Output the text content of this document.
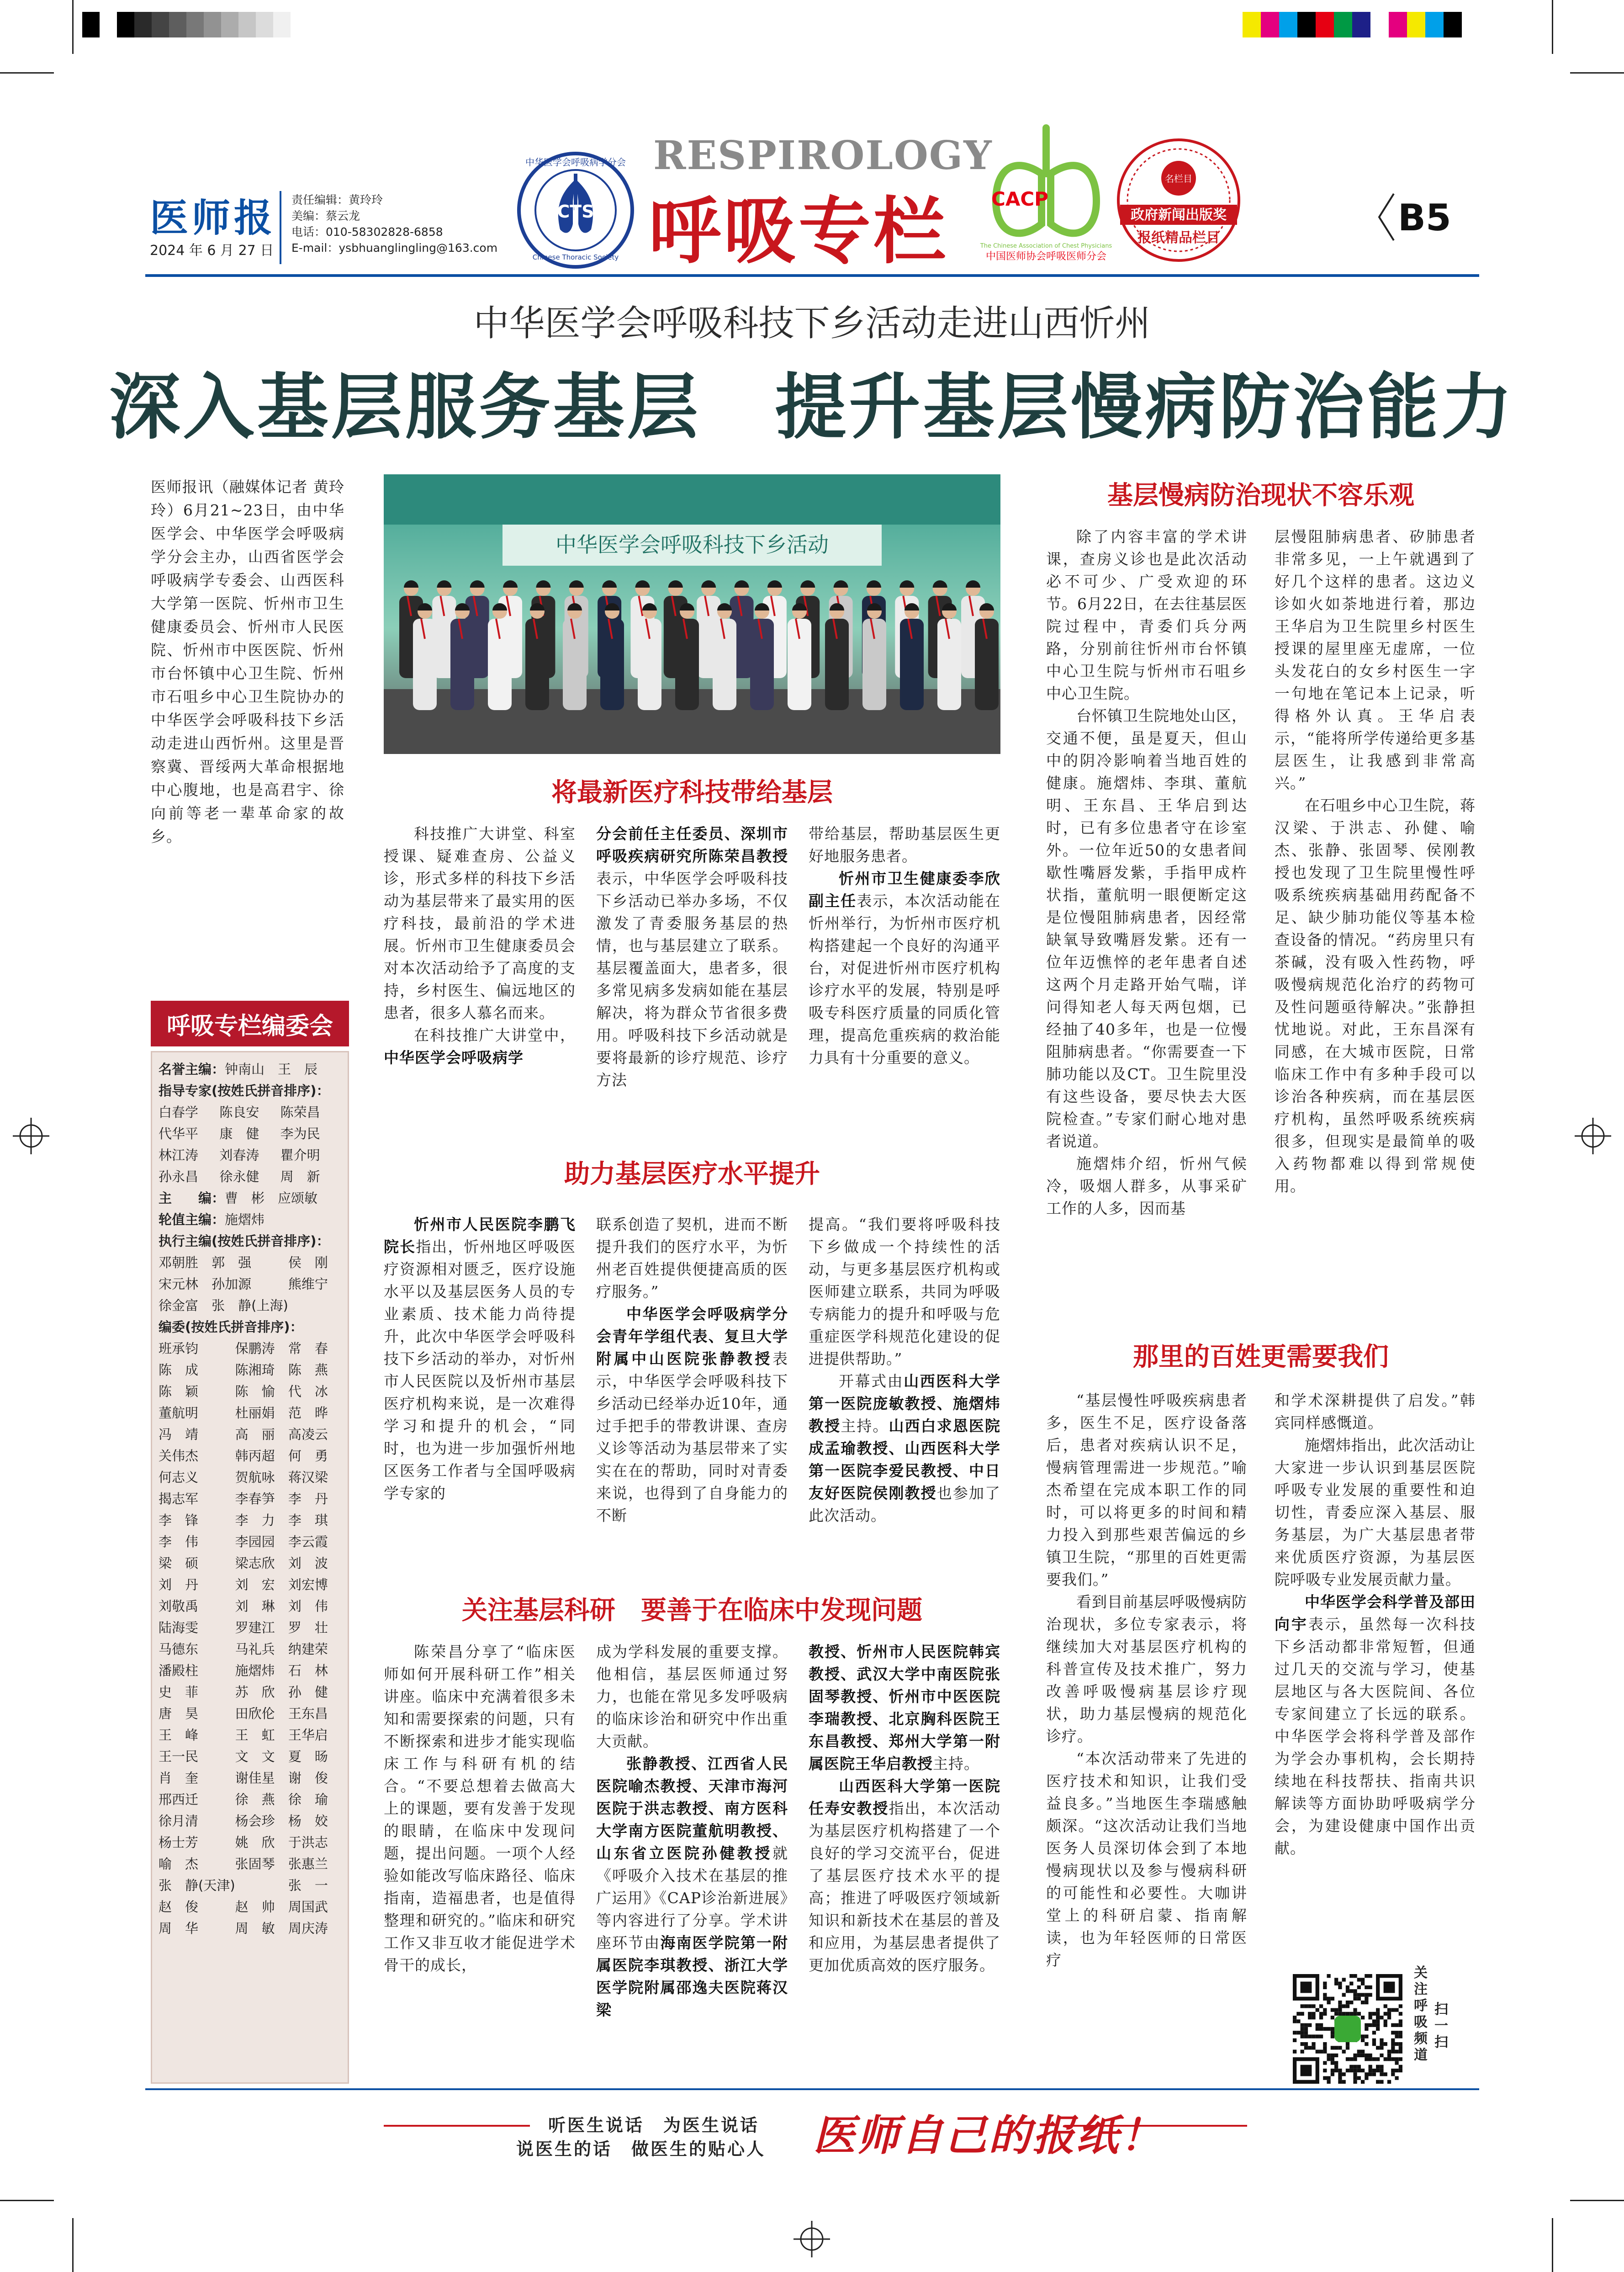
医师报
2024 年 6 月 27 日
责任编辑：黄玲玲
美编：蔡云龙
电话：010-58302828-6858
E-mail：ysbhuanglingling@163.com
CTS
Chinese Thoracic Society
中华医学会呼吸病学分会 RESPIROLOGY
呼吸专栏 CACP
The Chinese Association of Chest Physicians
中国医师协会呼吸医师分会
名栏目
政府新闻出版奖
报纸精品栏目	B5
中华医学会呼吸科技下乡活动走进山西忻州
深入基层服务基层　提升基层慢病防治能力
医师报讯（融媒体记者 黄玲玲）6月21~23日，由中华医学会、中华医学会呼吸病学分会主办，山西省医学会呼吸病学专委会、山西医科大学第一医院、忻州市卫生健康委员会、忻州市人民医院、忻州市中医医院、忻州市台怀镇中心卫生院、忻州市石咀乡中心卫生院协办的中华医学会呼吸科技下乡活动走进山西忻州。这里是晋察冀、晋绥两大革命根据地中心腹地，也是高君宇、徐向前等老一辈革命家的故乡。
呼吸专栏编委会
名誉主编：钟南山　王　辰
指导专家(按姓氏拼音排序)：
白春学	陈良安	陈荣昌
代华平	康　健	李为民
林江涛	刘春涛	瞿介明
孙永昌	徐永健	周　新
主　　编：曹　彬　应颂敏
轮值主编：施熠炜
执行主编(按姓氏拼音排序)：
邓朝胜	郭　强	侯　刚
宋元林	孙加源	熊维宁
徐金富	张　静(上海)
编委(按姓氏拼音排序)：
班承钧	保鹏涛	常　春
陈　成	陈湘琦	陈　燕
陈　颖	陈　愉	代　冰
董航明	杜丽娟	范　晔
冯　靖	高　丽	高凌云
关伟杰	韩丙超	何　勇
何志义	贺航咏	蒋汉梁
揭志军	李春笋	李　丹
李　锋	李　力	李　琪
李　伟	李园园	李云霞
梁　硕	梁志欣	刘　波
刘　丹	刘　宏	刘宏博
刘敬禹	刘　琳	刘　伟
陆海雯	罗建江	罗　壮
马德东	马礼兵	纳建荣
潘殿柱	施熠炜	石　林
史　菲	苏　欣	孙　健
唐　昊	田欣伦	王东昌
王　峰	王　虹	王华启
王一民	文　文	夏　旸
肖　奎	谢佳星	谢　俊
邢西迁	徐　燕	徐　瑜
徐月清	杨会珍	杨　姣
杨士芳	姚　欣	于洪志
喻　杰	张固琴	张惠兰
张　静(天津)	张　一
赵　俊	赵　帅	周国武
周　华	周　敏	周庆涛
中华医学会呼吸科技下乡活动
将最新医疗科技带给基层

科技推广大讲堂、科室授课、疑难查房、公益义诊，形式多样的科技下乡活动为基层带来了最实用的医疗科技，最前沿的学术进展。忻州市卫生健康委员会对本次活动给予了高度的支持，乡村医生、偏远地区的患者，很多人慕名而来。

在科技推广大讲堂中，中华医学会呼吸病学

分会前任主任委员、深圳市呼吸疾病研究所陈荣昌教授表示，中华医学会呼吸科技下乡活动已举办多场，不仅激发了青委服务基层的热情，也与基层建立了联系。基层覆盖面大，患者多，很多常见病多发病如能在基层解决，将为群众节省很多费用。呼吸科技下乡活动就是要将最新的诊疗规范、诊疗方法

带给基层，帮助基层医生更好地服务患者。

忻州市卫生健康委李欣副主任表示，本次活动能在忻州举行，为忻州市医疗机构搭建起一个良好的沟通平台，对促进忻州市医疗机构诊疗水平的发展，特别是呼吸专科医疗质量的同质化管理，提高危重疾病的救治能力具有十分重要的意义。

助力基层医疗水平提升

忻州市人民医院李鹏飞院长指出，忻州地区呼吸医疗资源相对匮乏，医疗设施水平以及基层医务人员的专业素质、技术能力尚待提升，此次中华医学会呼吸科技下乡活动的举办，对忻州市人民医院以及忻州市基层医疗机构来说，是一次难得学习和提升的机会，“同时，也为进一步加强忻州地区医务工作者与全国呼吸病学专家的

联系创造了契机，进而不断提升我们的医疗水平，为忻州老百姓提供便捷高质的医疗服务。”

中华医学会呼吸病学分会青年学组代表、复旦大学附属中山医院张静教授表示，中华医学会呼吸科技下乡活动已经举办近10年，通过手把手的带教讲课、查房义诊等活动为基层带来了实实在在的帮助，同时对青委来说，也得到了自身能力的不断

提高。“我们要将呼吸科技下乡做成一个持续性的活动，与更多基层医疗机构或医师建立联系，共同为呼吸专病能力的提升和呼吸与危重症医学科规范化建设的促进提供帮助。”

开幕式由山西医科大学第一医院庞敏教授、施熠炜教授主持。山西白求恩医院成孟瑜教授、山西医科大学第一医院李爱民教授、中日友好医院侯刚教授也参加了此次活动。

关注基层科研　要善于在临床中发现问题

陈荣昌分享了“临床医师如何开展科研工作”相关讲座。临床中充满着很多未知和需要探索的问题，只有不断探索和进步才能实现临床工作与科研有机的结合。“不要总想着去做高大上的课题，要有发善于发现的眼睛，在临床中发现问题，提出问题。一项个人经验如能改写临床路径、临床指南，造福患者，也是值得整理和研究的。”临床和研究工作又非互收才能促进学术骨干的成长，

成为学科发展的重要支撑。他相信，基层医师通过努力，也能在常见多发呼吸病的临床诊治和研究中作出重大贡献。

张静教授、江西省人民医院喻杰教授、天津市海河医院于洪志教授、南方医科大学南方医院董航明教授、山东省立医院孙健教授就《呼吸介入技术在基层的推广运用》《CAP诊治新进展》等内容进行了分享。学术讲座环节由海南医学院第一附属医院李琪教授、浙江大学医学院附属邵逸夫医院蒋汉梁

教授、忻州市人民医院韩宾教授、武汉大学中南医院张固琴教授、忻州市中医医院李瑞教授、北京胸科医院王东昌教授、郑州大学第一附属医院王华启教授主持。

山西医科大学第一医院任寿安教授指出，本次活动为基层医疗机构搭建了一个良好的学习交流平台，促进了基层医疗技术水平的提高；推进了呼吸医疗领域新知识和新技术在基层的普及和应用，为基层患者提供了更加优质高效的医疗服务。

基层慢病防治现状不容乐观

除了内容丰富的学术讲课，查房义诊也是此次活动必不可少、广受欢迎的环节。6月22日，在去往基层医院过程中，青委们兵分两路，分别前往忻州市台怀镇中心卫生院与忻州市石咀乡中心卫生院。

台怀镇卫生院地处山区，交通不便，虽是夏天，但山中的阴冷影响着当地百姓的健康。施熠炜、李琪、董航明、王东昌、王华启到达时，已有多位患者守在诊室外。一位年近50的女患者间歇性嘴唇发紫，手指甲成杵状指，董航明一眼便断定这是位慢阻肺病患者，因经常缺氧导致嘴唇发紫。还有一位年迈憔悴的老年患者自述这两个月走路开始气喘，详问得知老人每天两包烟，已经抽了40多年，也是一位慢阻肺病患者。“你需要查一下肺功能以及CT。卫生院里没有这些设备，要尽快去大医院检查。”专家们耐心地对患者说道。

施熠炜介绍，忻州气候冷，吸烟人群多，从事采矿工作的人多，因而基

层慢阻肺病患者、矽肺患者非常多见，一上午就遇到了好几个这样的患者。这边义诊如火如荼地进行着，那边王华启为卫生院里乡村医生授课的屋里座无虚席，一位头发花白的女乡村医生一字一句地在笔记本上记录，听得格外认真。王华启表示，“能将所学传递给更多基层医生，让我感到非常高兴。”

在石咀乡中心卫生院，蒋汉梁、于洪志、孙健、喻杰、张静、张固琴、侯刚教授也发现了卫生院里慢性呼吸系统疾病基础用药配备不足、缺少肺功能仪等基本检查设备的情况。“药房里只有茶碱，没有吸入性药物，呼吸慢病规范化治疗的药物可及性问题亟待解决。”张静担忧地说。对此，王东昌深有同感，在大城市医院，日常临床工作中有多种手段可以诊治各种疾病，而在基层医疗机构，虽然呼吸系统疾病很多，但现实是最简单的吸入药物都难以得到常规使用。

那里的百姓更需要我们

“基层慢性呼吸疾病患者多，医生不足，医疗设备落后，患者对疾病认识不足，慢病管理需进一步规范。”喻杰希望在完成本职工作的同时，可以将更多的时间和精力投入到那些艰苦偏远的乡镇卫生院，“那里的百姓更需要我们。”

看到目前基层呼吸慢病防治现状，多位专家表示，将继续加大对基层医疗机构的科普宣传及技术推广，努力改善呼吸慢病基层诊疗现状，助力基层慢病的规范化诊疗。

“本次活动带来了先进的医疗技术和知识，让我们受益良多。”当地医生李瑞感触颇深。“这次活动让我们当地医务人员深切体会到了本地慢病现状以及参与慢病科研的可能性和必要性。大咖讲堂上的科研启蒙、指南解读，也为年轻医师的日常医疗

和学术深耕提供了启发。”韩宾同样感慨道。

施熠炜指出，此次活动让大家进一步认识到基层医院呼吸专业发展的重要性和迫切性，青委应深入基层、服务基层，为广大基层患者带来优质医疗资源，为基层医院呼吸专业发展贡献力量。

中华医学会科学普及部田向宇表示，虽然每一次科技下乡活动都非常短暂，但通过几天的交流与学习，使基层地区与各大医院间、各位专家间建立了长远的联系。中华医学会将科学普及部作为学会办事机构，会长期持续地在科技帮扶、指南共识解读等方面协助呼吸病学分会，为建设健康中国作出贡献。

关注呼吸频道
扫一扫
听医生说话　为医生说话
说医生的话　做医生的贴心人 医师自己的报纸！
